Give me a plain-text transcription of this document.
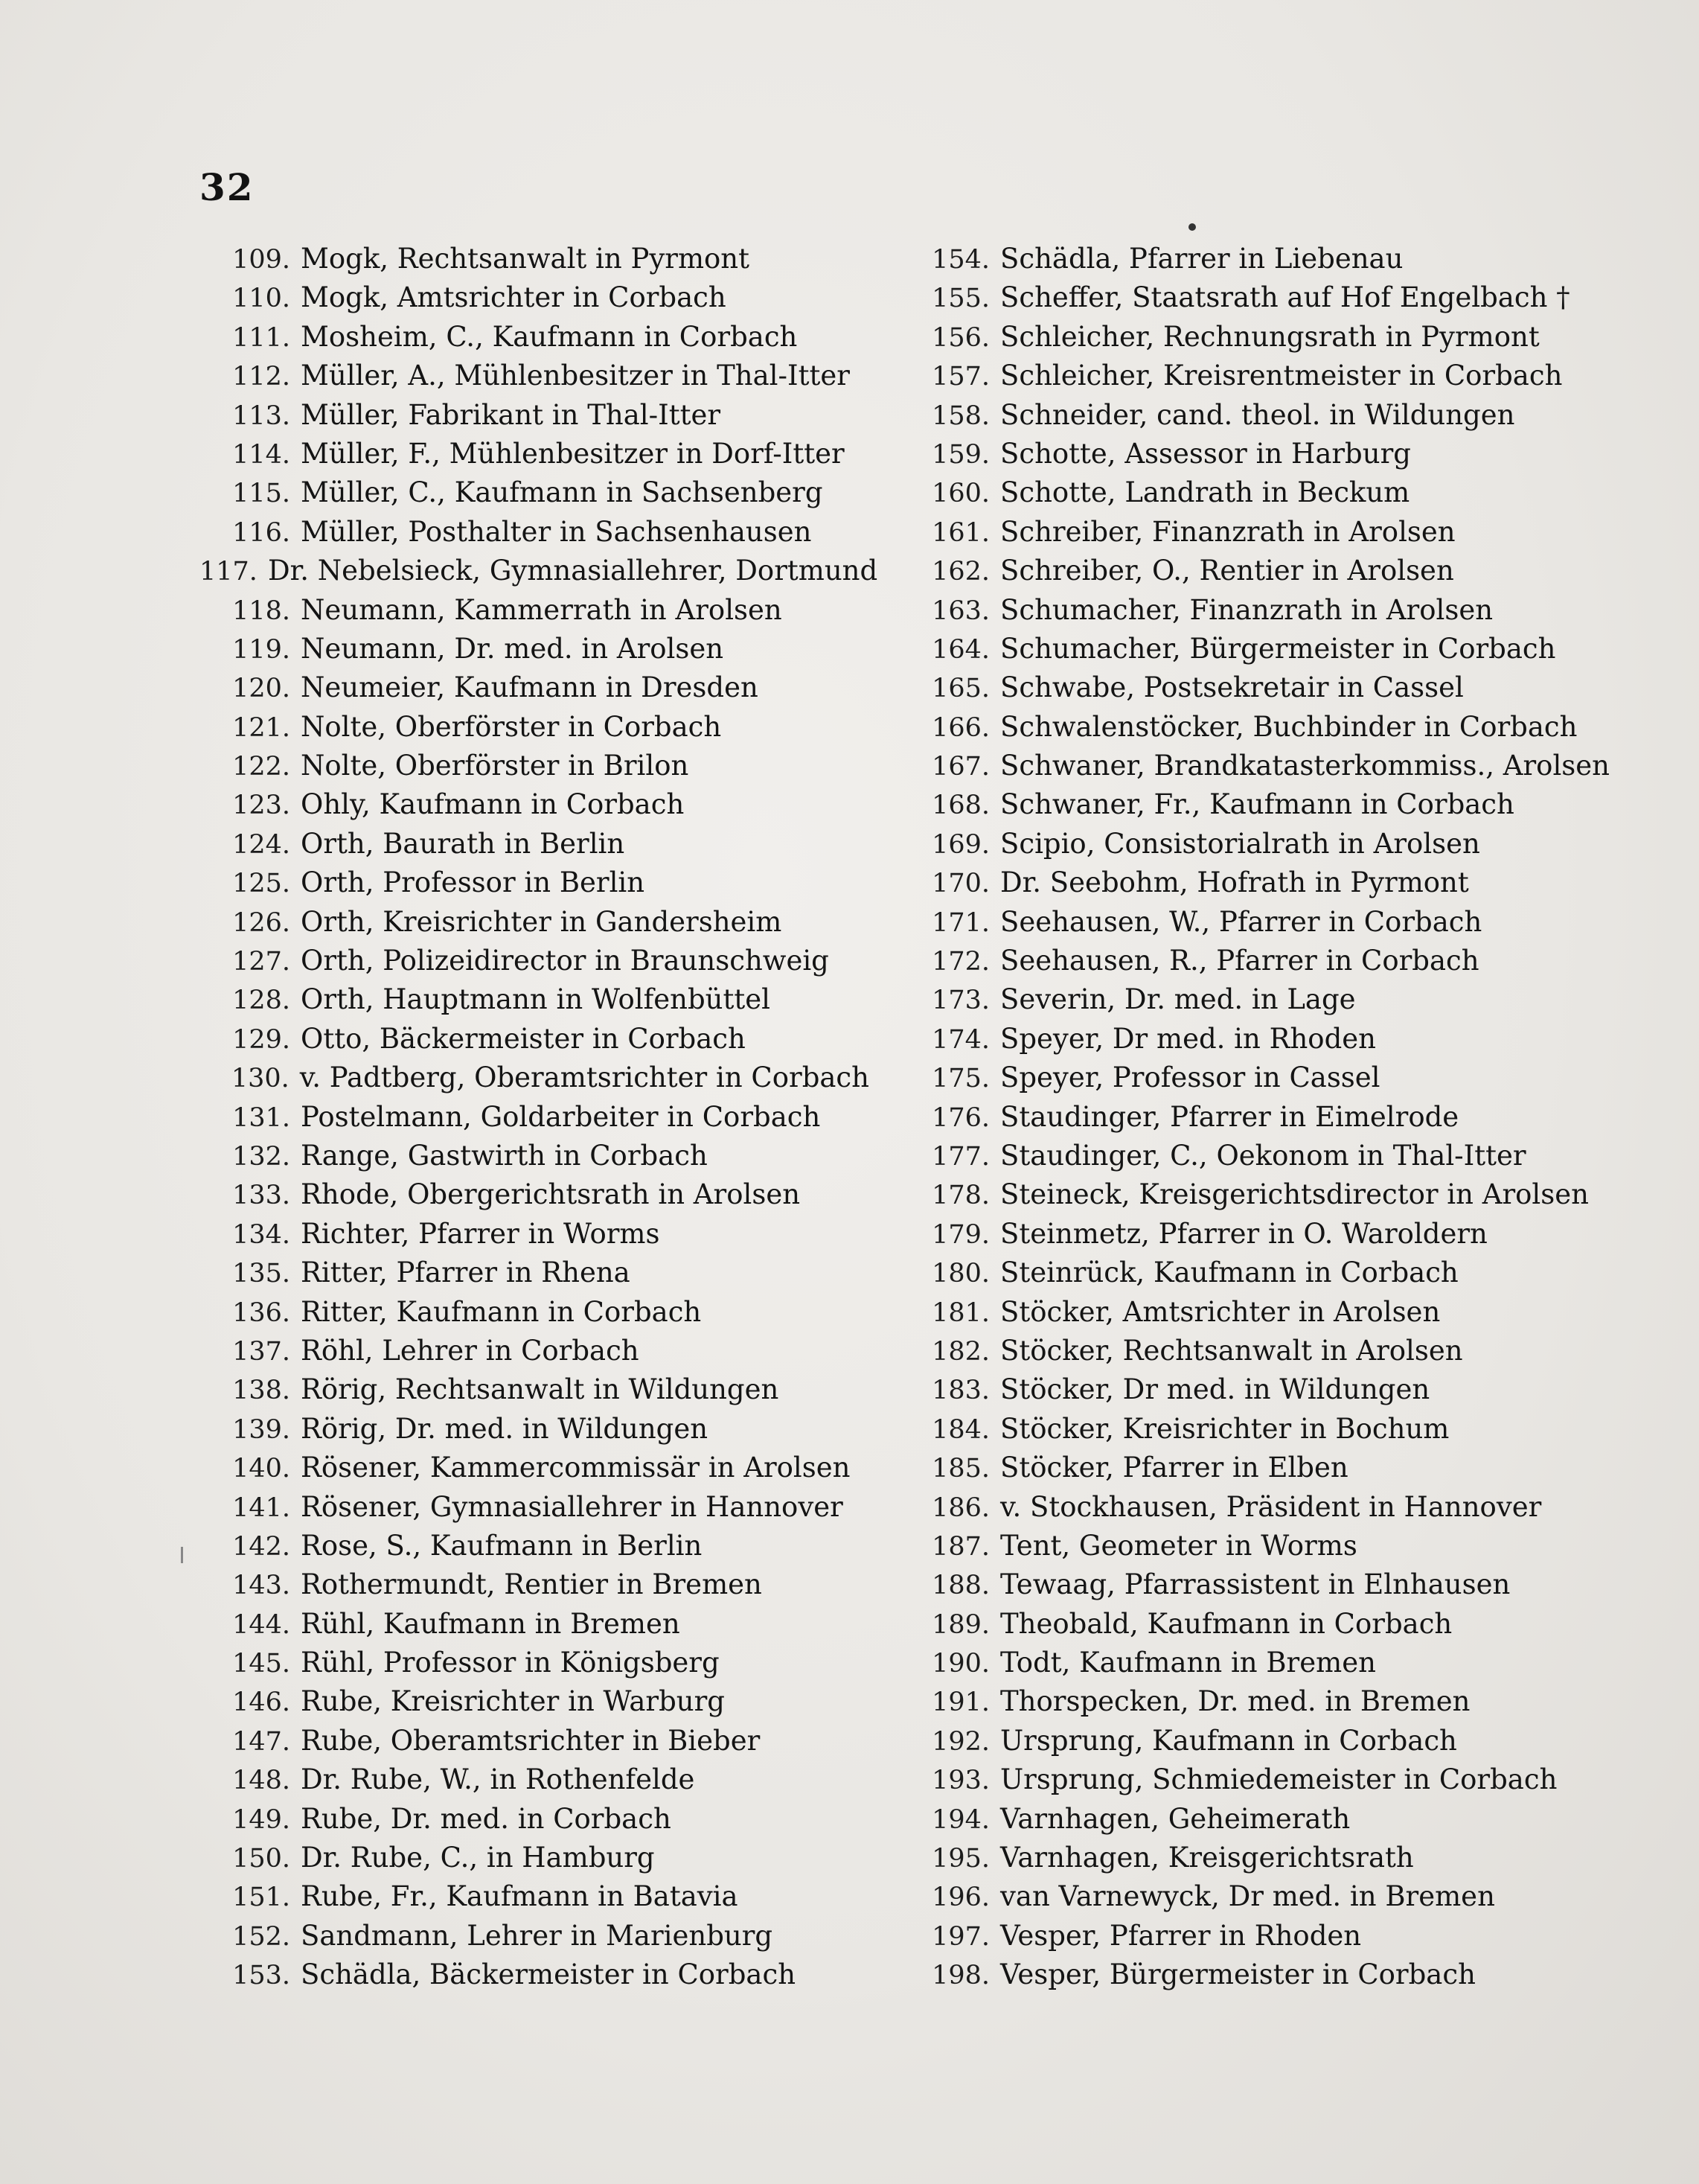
32
109. Mogk, Rechtsanwalt in Pyrmont
110. Mogk, Amtsrichter in Corbach
111. Mosheim, C., Kaufmann in Corbach
112. Müller, A., Mühlenbesitzer in Thal-Itter
113. Müller, Fabrikant in Thal-Itter
114. Müller, F., Mühlenbesitzer in Dorf-Itter
115. Müller, C., Kaufmann in Sachsenberg
116. Müller, Posthalter in Sachsenhausen
117. Dr. Nebelsieck, Gymnasiallehrer, Dortmund
118. Neumann, Kammerrath in Arolsen
119. Neumann, Dr. med. in Arolsen
120. Neumeier, Kaufmann in Dresden
121. Nolte, Oberförster in Corbach
122. Nolte, Oberförster in Brilon
123. Ohly, Kaufmann in Corbach
124. Orth, Baurath in Berlin
125. Orth, Professor in Berlin
126. Orth, Kreisrichter in Gandersheim
127. Orth, Polizeidirector in Braunschweig
128. Orth, Hauptmann in Wolfenbüttel
129. Otto, Bäckermeister in Corbach
130. v. Padtberg, Oberamtsrichter in Corbach
131. Postelmann, Goldarbeiter in Corbach
132. Range, Gastwirth in Corbach
133. Rhode, Obergerichtsrath in Arolsen
134. Richter, Pfarrer in Worms
135. Ritter, Pfarrer in Rhena
136. Ritter, Kaufmann in Corbach
137. Röhl, Lehrer in Corbach
138. Rörig, Rechtsanwalt in Wildungen
139. Rörig, Dr. med. in Wildungen
140. Rösener, Kammercommissär in Arolsen
141. Rösener, Gymnasiallehrer in Hannover
142. Rose, S., Kaufmann in Berlin
143. Rothermundt, Rentier in Bremen
144. Rühl, Kaufmann in Bremen
145. Rühl, Professor in Königsberg
146. Rube, Kreisrichter in Warburg
147. Rube, Oberamtsrichter in Bieber
148. Dr. Rube, W., in Rothenfelde
149. Rube, Dr. med. in Corbach
150. Dr. Rube, C., in Hamburg
151. Rube, Fr., Kaufmann in Batavia
152. Sandmann, Lehrer in Marienburg
153. Schädla, Bäckermeister in Corbach
154. Schädla, Pfarrer in Liebenau
155. Scheffer, Staatsrath auf Hof Engelbach †
156. Schleicher, Rechnungsrath in Pyrmont
157. Schleicher, Kreisrentmeister in Corbach
158. Schneider, cand. theol. in Wildungen
159. Schotte, Assessor in Harburg
160. Schotte, Landrath in Beckum
161. Schreiber, Finanzrath in Arolsen
162. Schreiber, O., Rentier in Arolsen
163. Schumacher, Finanzrath in Arolsen
164. Schumacher, Bürgermeister in Corbach
165. Schwabe, Postsekretair in Cassel
166. Schwalenstöcker, Buchbinder in Corbach
167. Schwaner, Brandkatasterkommiss., Arolsen
168. Schwaner, Fr., Kaufmann in Corbach
169. Scipio, Consistorialrath in Arolsen
170. Dr. Seebohm, Hofrath in Pyrmont
171. Seehausen, W., Pfarrer in Corbach
172. Seehausen, R., Pfarrer in Corbach
173. Severin, Dr. med. in Lage
174. Speyer, Dr med. in Rhoden
175. Speyer, Professor in Cassel
176. Staudinger, Pfarrer in Eimelrode
177. Staudinger, C., Oekonom in Thal-Itter
178. Steineck, Kreisgerichtsdirector in Arolsen
179. Steinmetz, Pfarrer in O. Waroldern
180. Steinrück, Kaufmann in Corbach
181. Stöcker, Amtsrichter in Arolsen
182. Stöcker, Rechtsanwalt in Arolsen
183. Stöcker, Dr med. in Wildungen
184. Stöcker, Kreisrichter in Bochum
185. Stöcker, Pfarrer in Elben
186. v. Stockhausen, Präsident in Hannover
187. Tent, Geometer in Worms
188. Tewaag, Pfarrassistent in Elnhausen
189. Theobald, Kaufmann in Corbach
190. Todt, Kaufmann in Bremen
191. Thorspecken, Dr. med. in Bremen
192. Ursprung, Kaufmann in Corbach
193. Ursprung, Schmiedemeister in Corbach
194. Varnhagen, Geheimerath
195. Varnhagen, Kreisgerichtsrath
196. van Varnewyck, Dr med. in Bremen
197. Vesper, Pfarrer in Rhoden
198. Vesper, Bürgermeister in Corbach
